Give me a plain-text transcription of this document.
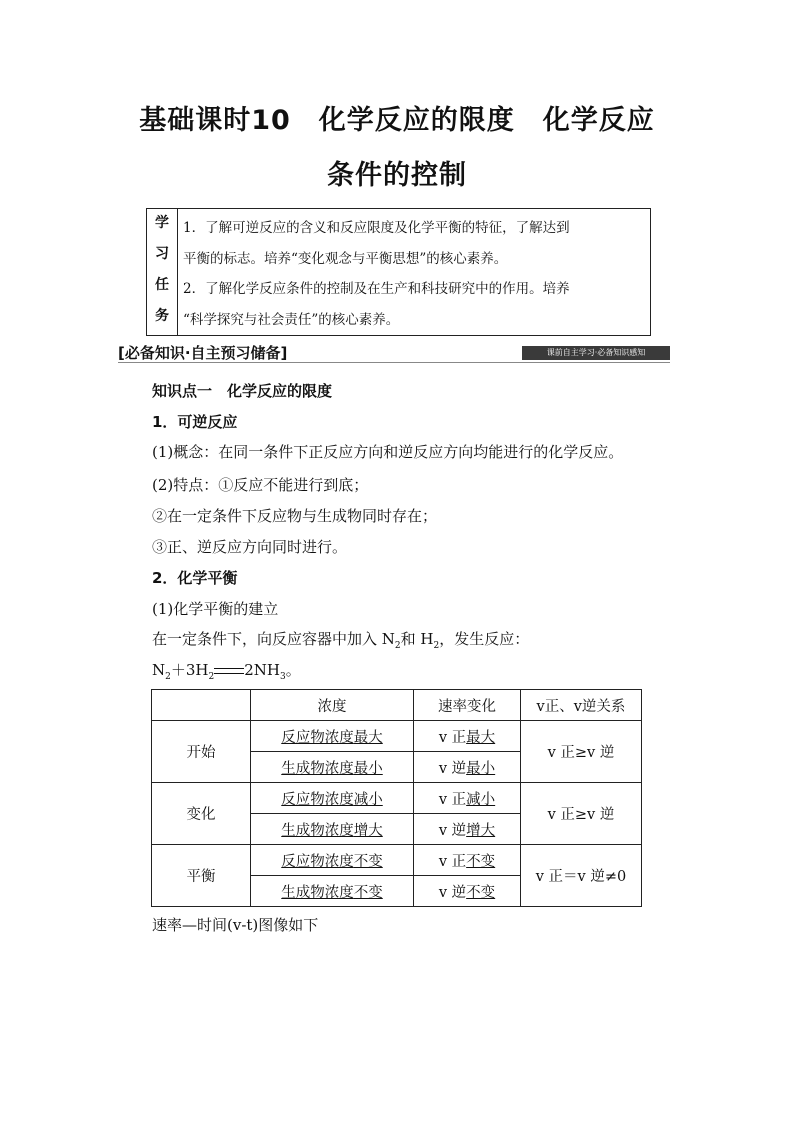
基础课时10　化学反应的限度　化学反应
条件的控制
学
习
任
务
1．了解可逆反应的含义和反应限度及化学平衡的特征，了解达到
平衡的标志。培养“变化观念与平衡思想”的核心素养。
2．了解化学反应条件的控制及在生产和科技研究中的作用。培养
“科学探究与社会责任”的核心素养。
[必备知识·自主预习储备]	课前自主学习·必备知识感知
知识点一　化学反应的限度
1．可逆反应
(1)概念：在同一条件下正反应方向和逆反应方向均能进行的化学反应。
(2)特点：①反应不能进行到底；
②在一定条件下反应物与生成物同时存在；
③正、逆反应方向同时进行。
2．化学平衡
(1)化学平衡的建立
在一定条件下，向反应容器中加入 $N_2$和 $H_2$，发生反应：
$N_2+3H_2$ $2NH_3$。
	浓度	速率变化	v正、v逆关系
开始	反应物浓度最大	v 正最大	v 正≥v 逆
	生成物浓度最小	v 逆最小	
变化	反应物浓度减小	v 正减小	v 正≥v 逆
	生成物浓度增大	v 逆增大	
平衡	反应物浓度不变	v 正不变	v 正＝v 逆≠0
	生成物浓度不变	v 逆不变	
速率—时间(v-t)图像如下
